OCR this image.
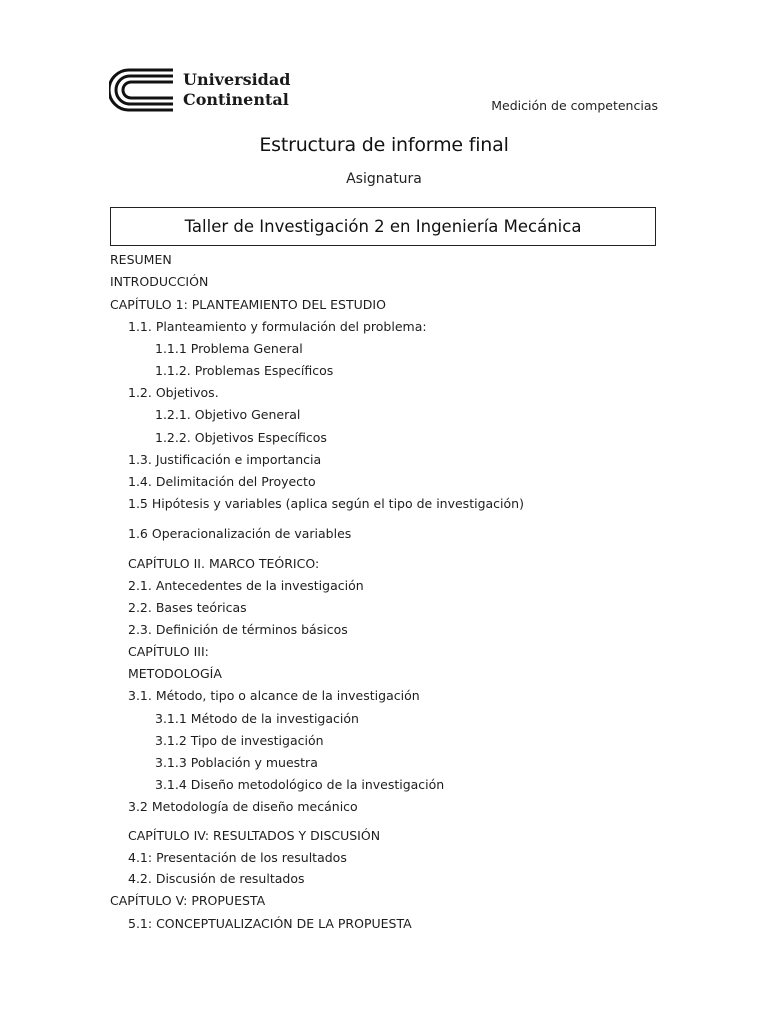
Universidad
Continental	Medición de competencias
Estructura de informe final
Asignatura
Taller de Investigación 2 en Ingeniería Mecánica
RESUMEN
INTRODUCCIÓN
CAPÍTULO 1: PLANTEAMIENTO DEL ESTUDIO
1.1. Planteamiento y formulación del problema:
1.1.1 Problema General
1.1.2. Problemas Específicos
1.2. Objetivos.
1.2.1. Objetivo General
1.2.2. Objetivos Específicos
1.3. Justificación e importancia
1.4. Delimitación del Proyecto
1.5 Hipótesis y variables (aplica según el tipo de investigación)
1.6 Operacionalización de variables
CAPÍTULO II. MARCO TEÓRICO:
2.1. Antecedentes de la investigación
2.2. Bases teóricas
2.3. Definición de términos básicos
CAPÍTULO III:
METODOLOGÍA
3.1. Método, tipo o alcance de la investigación
3.1.1 Método de la investigación
3.1.2 Tipo de investigación
3.1.3 Población y muestra
3.1.4 Diseño metodológico de la investigación
3.2 Metodología de diseño mecánico
CAPÍTULO IV: RESULTADOS Y DISCUSIÓN
4.1: Presentación de los resultados
4.2. Discusión de resultados
CAPÍTULO V: PROPUESTA
5.1: CONCEPTUALIZACIÓN DE LA PROPUESTA
